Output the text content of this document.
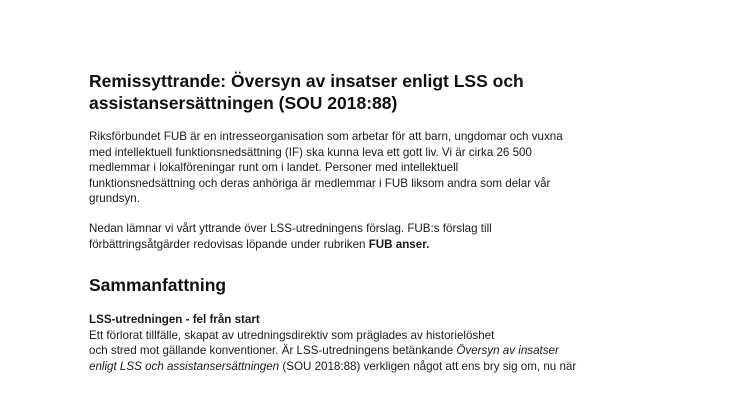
Remissyttrande: Översyn av insatser enligt LSS och
assistansersättningen (SOU 2018:88)

Riksförbundet FUB är en intresseorganisation som arbetar för att barn, ungdomar och vuxna
med intellektuell funktionsnedsättning (IF) ska kunna leva ett gott liv. Vi är cirka 26 500
medlemmar i lokalföreningar runt om i landet. Personer med intellektuell
funktionsnedsättning och deras anhöriga är medlemmar i FUB liksom andra som delar vår
grundsyn.

Nedan lämnar vi vårt yttrande över LSS-utredningens förslag. FUB:s förslag till
förbättringsåtgärder redovisas löpande under rubriken FUB anser.

Sammanfattning
LSS-utredningen - fel från start

Ett förlorat tillfälle, skapat av utredningsdirektiv som präglades av historielöshet
och stred mot gällande konventioner. Är LSS-utredningens betänkande Översyn av insatser
enligt LSS och assistansersättningen (SOU 2018:88) verkligen något att ens bry sig om, nu när
